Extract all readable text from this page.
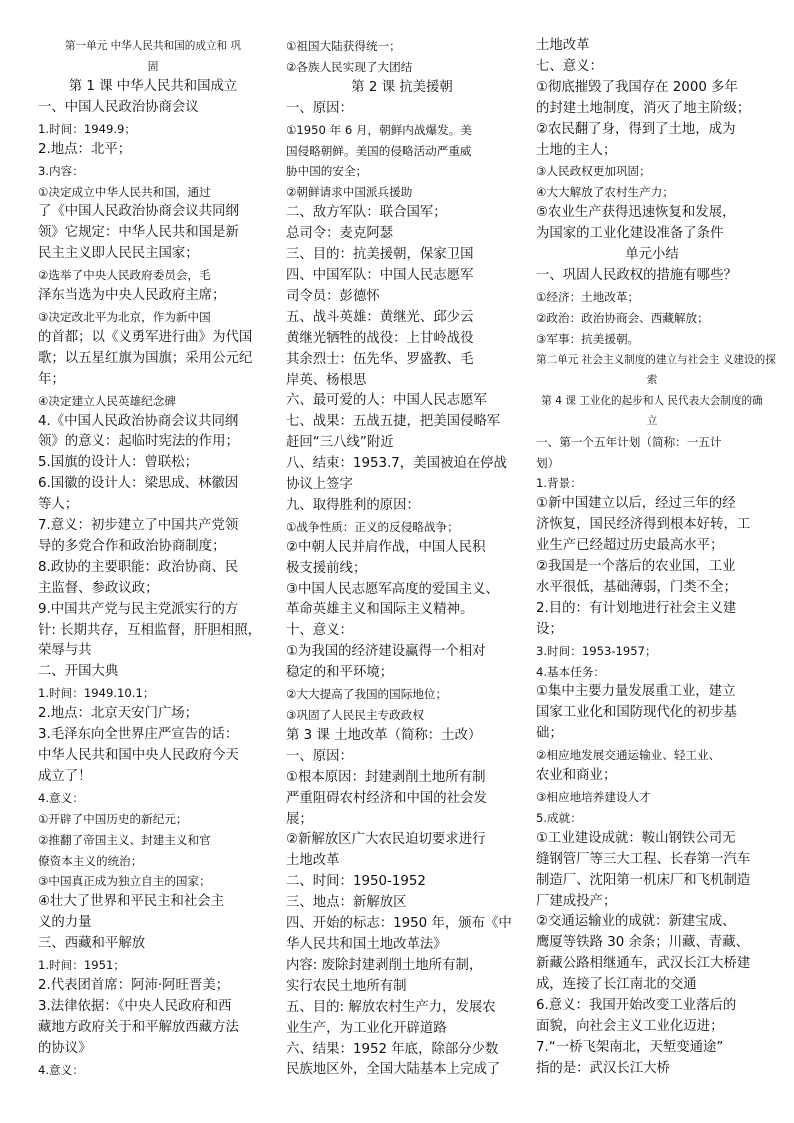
第一单元 中华人民共和国的成立和 巩
固
第 1 课 中华人民共和国成立
一、中国人民政治协商会议
1.时间：1949.9；
2.地点：北平；
3.内容：
①决定成立中华人民共和国，通过
了《中国人民政治协商会议共同纲
领》它规定：中华人民共和国是新
民主主义即人民民主国家；
②选举了中央人民政府委员会，毛
泽东当选为中央人民政府主席；
③决定改北平为北京，作为新中国
的首都；以《义勇军进行曲》为代国
歌；以五星红旗为国旗；采用公元纪
年；
④决定建立人民英雄纪念碑
4.《中国人民政治协商会议共同纲
领》的意义：起临时宪法的作用；
5.国旗的设计人：曾联松；
6.国徽的设计人：梁思成、林徽因
等人；
7.意义：初步建立了中国共产党领
导的多党合作和政治协商制度；
8.政协的主要职能：政治协商、民
主监督、参政议政；
9.中国共产党与民主党派实行的方
针: 长期共存，互相监督，肝胆相照，
荣辱与共
二、开国大典
1.时间：1949.10.1；
2.地点：北京天安门广场；
3.毛泽东向全世界庄严宣告的话：
中华人民共和国中央人民政府今天
成立了！
4.意义：
①开辟了中国历史的新纪元；
②推翻了帝国主义、封建主义和官
僚资本主义的统治；
③中国真正成为独立自主的国家；
④壮大了世界和平民主和社会主
义的力量
三、西藏和平解放
1.时间：1951；
2.代表团首席：阿沛·阿旺晋美；
3.法律依据：《中央人民政府和西
藏地方政府关于和平解放西藏方法
的协议》
4.意义：
①祖国大陆获得统一；
②各族人民实现了大团结
第 2 课 抗美援朝
一、原因：
①1950 年 6 月，朝鲜内战爆发。美
国侵略朝鲜。美国的侵略活动严重威
胁中国的安全；
②朝鲜请求中国派兵援助
二、敌方军队：联合国军；
总司令：麦克阿瑟
三、目的：抗美援朝，保家卫国
四、中国军队：中国人民志愿军
司令员：彭德怀
五、战斗英雄：黄继光、邱少云
黄继光牺牲的战役：上甘岭战役
其余烈士：伍先华、罗盛教、毛
岸英、杨根思
六、最可爱的人：中国人民志愿军
七、战果：五战五捷，把美国侵略军
赶回“三八线”附近
八、结束：1953.7，美国被迫在停战
协议上签字
九、取得胜利的原因：
①战争性质：正义的反侵略战争；
②中朝人民并肩作战，中国人民积
极支援前线；
③中国人民志愿军高度的爱国主义、
革命英雄主义和国际主义精神。
十、意义：
①为我国的经济建设赢得一个相对
稳定的和平环境；
②大大提高了我国的国际地位；
③巩固了人民民主专政政权
第 3 课 土地改革（简称：土改）
一、原因：
①根本原因：封建剥削土地所有制
严重阻碍农村经济和中国的社会发
展；
②新解放区广大农民迫切要求进行
土地改革
二、时间：1950-1952
三、地点：新解放区
四、开始的标志：1950 年，颁布《中
华人民共和国土地改革法》
内容: 废除封建剥削土地所有制，
实行农民土地所有制
五、目的: 解放农村生产力，发展农
业生产，为工业化开辟道路
六、结果：1952 年底，除部分少数
民族地区外，全国大陆基本上完成了
土地改革
七、意义：
①彻底摧毁了我国存在 2000 多年
的封建土地制度，消灭了地主阶级；
②农民翻了身，得到了土地，成为
土地的主人；
③人民政权更加巩固；
④大大解放了农村生产力；
⑤农业生产获得迅速恢复和发展，
为国家的工业化建设准备了条件
单元小结
一、巩固人民政权的措施有哪些？
①经济：土地改革；
②政治：政治协商会、西藏解放；
③军事：抗美援朝。
第二单元 社会主义制度的建立与社会主 义建设的探
索
第 4 课 工业化的起步和人 民代表大会制度的确
立
一、第一个五年计划（简称：一五计
划）
1.背景：
①新中国建立以后，经过三年的经
济恢复，国民经济得到根本好转，工
业生产已经超过历史最高水平；
②我国是一个落后的农业国，工业
水平很低，基础薄弱，门类不全；
2.目的：有计划地进行社会主义建
设；
3.时间：1953-1957；
4.基本任务：
①集中主要力量发展重工业，建立
国家工业化和国防现代化的初步基
础；
②相应地发展交通运输业、轻工业、
农业和商业；
③相应地培养建设人才
5.成就：
①工业建设成就：鞍山钢铁公司无
缝钢管厂等三大工程、长春第一汽车
制造厂、沈阳第一机床厂和飞机制造
厂建成投产；
②交通运输业的成就：新建宝成、
鹰厦等铁路 30 余条；川藏、青藏、
新藏公路相继通车，武汉长江大桥建
成，连接了长江南北的交通
6.意义：我国开始改变工业落后的
面貌，向社会主义工业化迈进；
7.“一桥飞架南北，天堑变通途”
指的是：武汉长江大桥
